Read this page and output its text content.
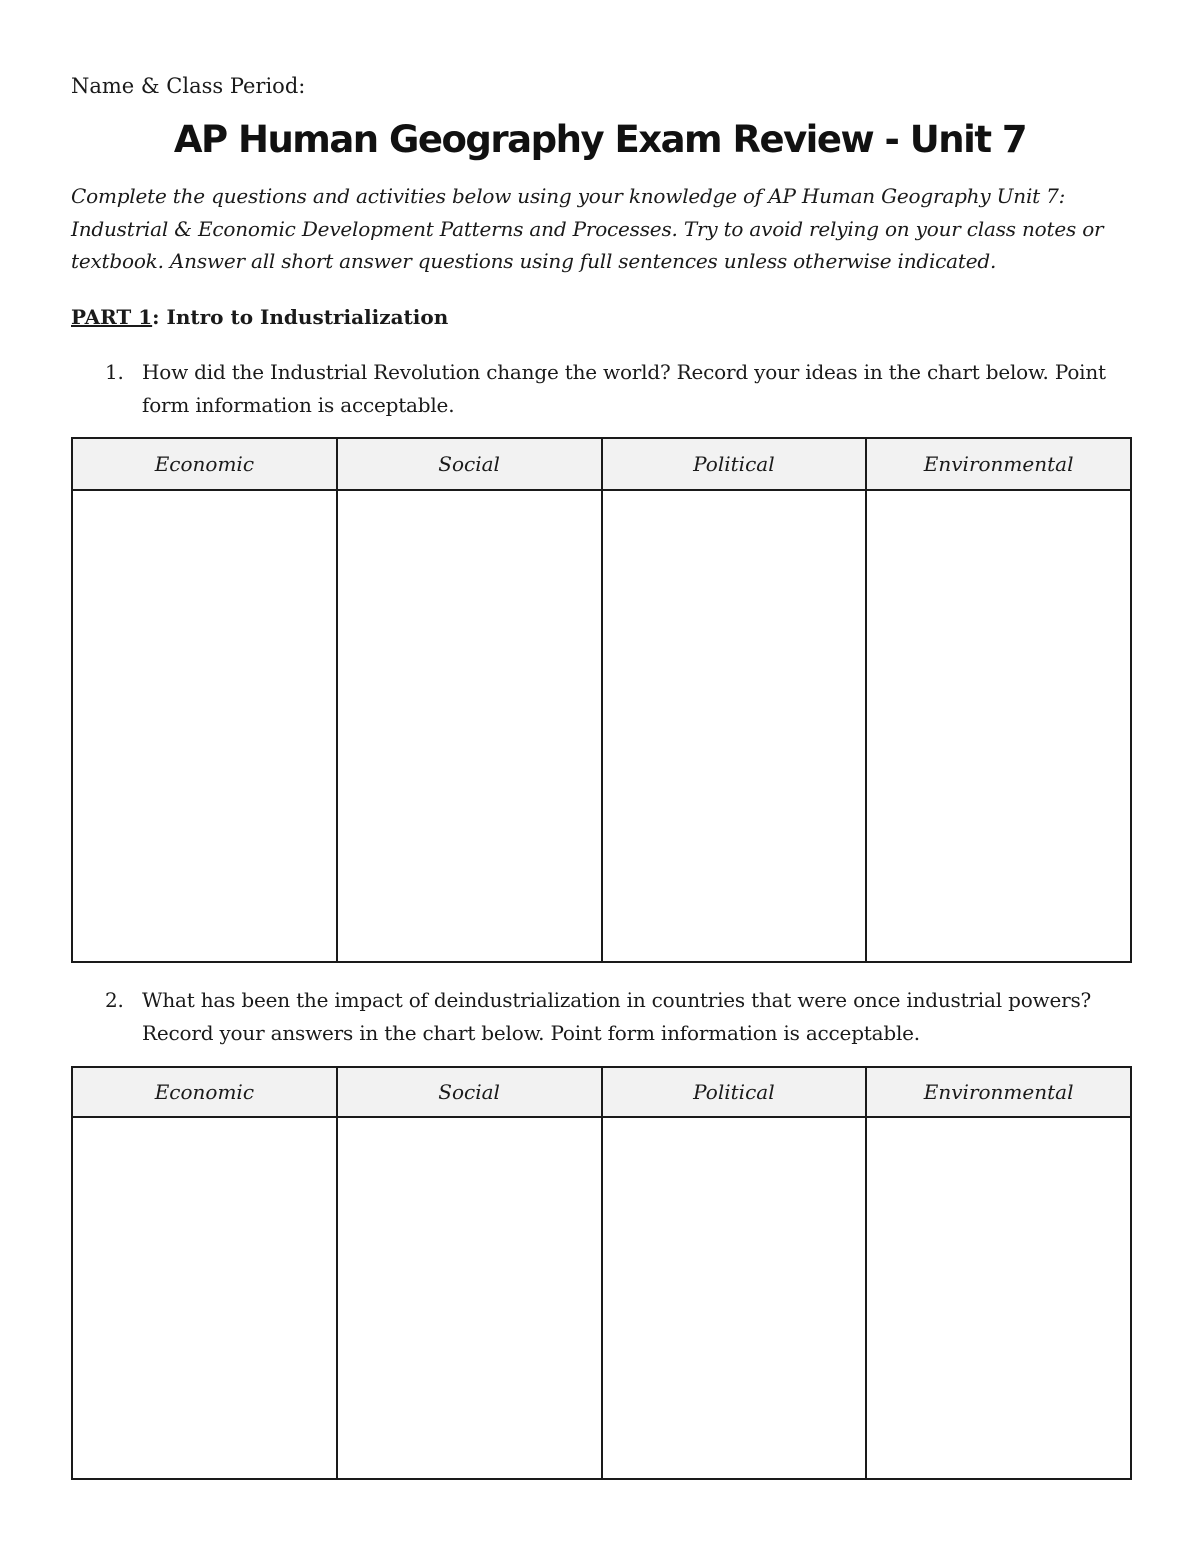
Name & Class Period:
AP Human Geography Exam Review - Unit 7
Complete the questions and activities below using your knowledge of AP Human Geography Unit 7: Industrial & Economic Development Patterns and Processes. Try to avoid relying on your class notes or textbook. Answer all short answer questions using full sentences unless otherwise indicated.
PART 1: Intro to Industrialization
1. How did the Industrial Revolution change the world? Record your ideas in the chart below. Point form information is acceptable.
Economic	Social	Political	Environmental

2. What has been the impact of deindustrialization in countries that were once industrial powers? Record your answers in the chart below. Point form information is acceptable.
Economic	Social	Political	Environmental
